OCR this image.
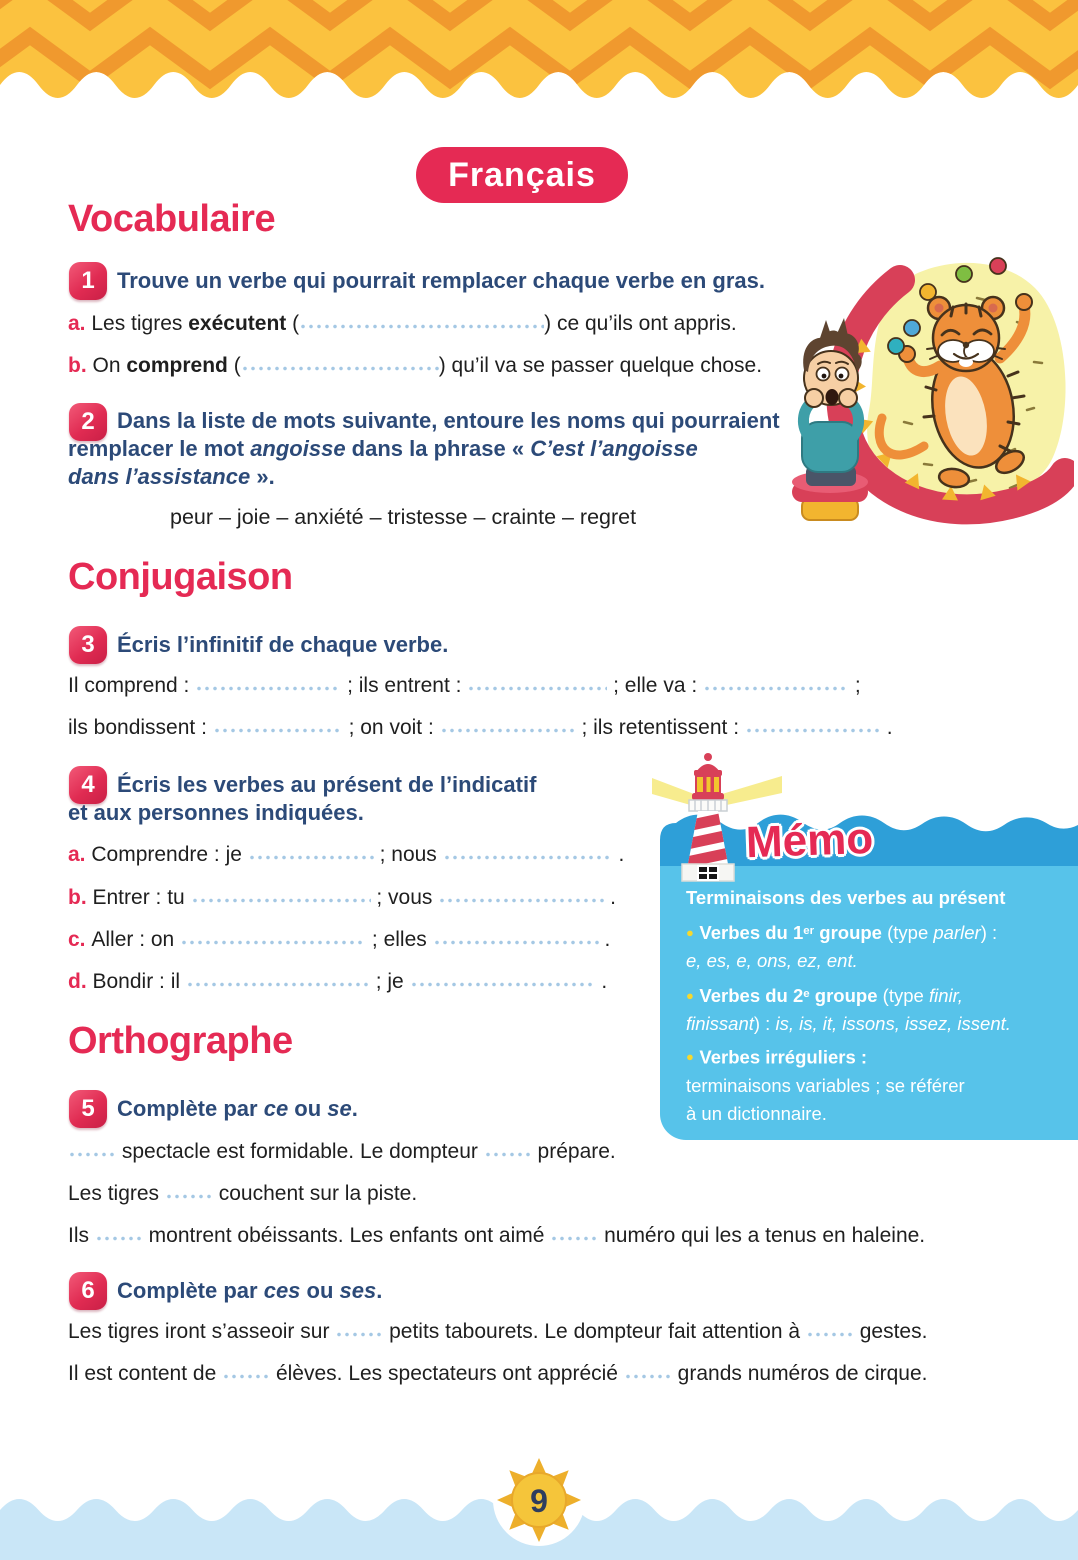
Français
Vocabulaire
1	Trouve un verbe qui pourrait remplacer chaque verbe en gras.
a. Les tigres exécutent (	) ce qu’ils ont appris.
b. On comprend (	) qu’il va se passer quelque chose.
2	Dans la liste de mots suivante, entoure les noms qui pourraient
remplacer le mot angoisse dans la phrase « C’est l’angoisse
dans l’assistance ».
peur – joie – anxiété – tristesse – crainte – regret
Conjugaison
3	Écris l’infinitif de chaque verbe.
Il comprend :	; ils entrent :	; elle va :	;
ils bondissent :	; on voit :	; ils retentissent :	.
4	Écris les verbes au présent de l’indicatif
et aux personnes indiquées.
a. Comprendre : je	; nous	.
b. Entrer : tu	; vous	.
c. Aller : on	; elles	.
d. Bondir : il	; je	.
Mémo
Terminaisons des verbes au présent
● Verbes du 1er groupe (type parler) :
e, es, e, ons, ez, ent.
● Verbes du 2e groupe (type finir,
finissant) : is, is, it, issons, issez, issent.
● Verbes irréguliers :
terminaisons variables ; se référer
à un dictionnaire.
Orthographe
5	Complète par ce ou se.
spectacle est formidable. Le dompteur  prépare.
Les tigres  couchent sur la piste.
Ils  montrent obéissants. Les enfants ont aimé  numéro qui les a tenus en haleine.
6	Complète par ces ou ses.
Les tigres iront s’asseoir sur  petits tabourets. Le dompteur fait attention à  gestes.
Il est content de  élèves. Les spectateurs ont apprécié  grands numéros de cirque.
9
